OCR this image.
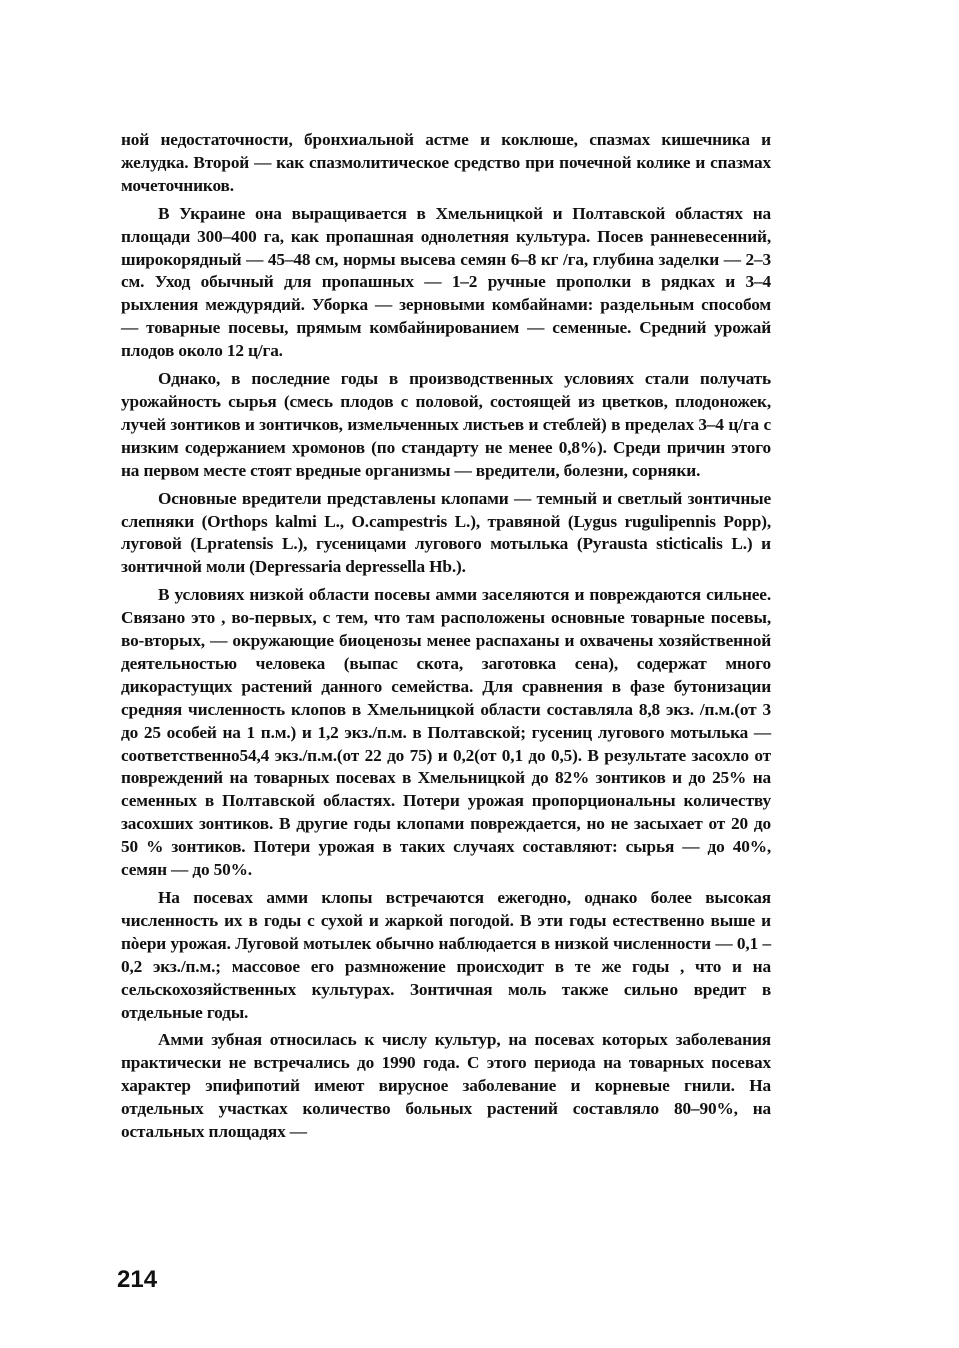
ной недостаточности, бронхиальной астме и коклюше, спазмах кишечника и желудка. Второй — как спазмолитическое средство при почечной колике и спазмах мочеточников.

В Украине она выращивается в Хмельницкой и Полтавской областях на площади 300–400 га, как пропашная однолетняя культура. Посев ранневесенний, широкорядный — 45–48 см, нормы высева семян 6–8 кг /га, глубина заделки — 2–3 см. Уход обычный для пропашных — 1–2 ручные прополки в рядках и 3–4 рыхления междурядий. Уборка — зерновыми комбайнами: раздельным способом — товарные посевы, прямым комбайнированием — семенные. Средний урожай плодов около 12 ц/га.

Однако, в последние годы в производственных условиях стали получать урожайность сырья (смесь плодов с половой, состоящей из цветков, плодоножек, лучей зонтиков и зонтичков, измельченных листьев и стеблей) в пределах 3–4 ц/га с низким содержанием хромонов (по стандарту не менее 0,8%). Среди причин этого на первом месте стоят вредные организмы — вредители, болезни, сорняки.

Основные вредители представлены клопами — темный и светлый зонтичные слепняки (Orthops kalmi L., O.campestris L.), травяной (Lygus rugulipennis Popp), луговой (Lpratensis L.), гусеницами лугового мотылька (Pyrausta sticticalis L.) и зонтичной моли (Depressaria depressella Hb.).

В условиях низкой области посевы амми заселяются и повреждаются сильнее. Связано это , во-первых, с тем, что там расположены основные товарные посевы, во-вторых, — окружающие биоценозы менее распаханы и охвачены хозяйственной деятельностью человека (выпас скота, заготовка сена), содержат много дикорастущих растений данного семейства. Для сравнения в фазе бутонизации средняя численность клопов в Хмельницкой области составляла 8,8 экз. /п.м.(от 3 до 25 особей на 1 п.м.) и 1,2 экз./п.м. в Полтавской; гусениц лугового мотылька — соответственно54,4 экз./п.м.(от 22 до 75) и 0,2(от 0,1 до 0,5). В результате засохло от повреждений на товарных посевах в Хмельницкой до 82% зонтиков и до 25% на семенных в Полтавской областях. Потери урожая пропорциональны количеству засохших зонтиков. В другие годы клопами повреждается, но не засыхает от 20 до 50 % зонтиков. Потери урожая в таких случаях составляют: сырья — до 40%, семян — до 50%.

На посевах амми клопы встречаются ежегодно, однако более высокая численность их в годы с сухой и жаркой погодой. В эти годы естественно выше и пòери урожая. Луговой мотылек обычно наблюдается в низкой численности — 0,1 – 0,2 экз./п.м.; массовое его размножение происходит в те же годы , что и на сельскохозяйственных культурах. Зонтичная моль также сильно вредит в отдельные годы.

Амми зубная относилась к числу культур, на посевах которых заболевания практически не встречались до 1990 года. С этого периода на товарных посевах характер эпифипотий имеют вирусное заболевание и корневые гнили. На отдельных участках количество больных растений составляло 80–90%, на остальных площадях —

214
